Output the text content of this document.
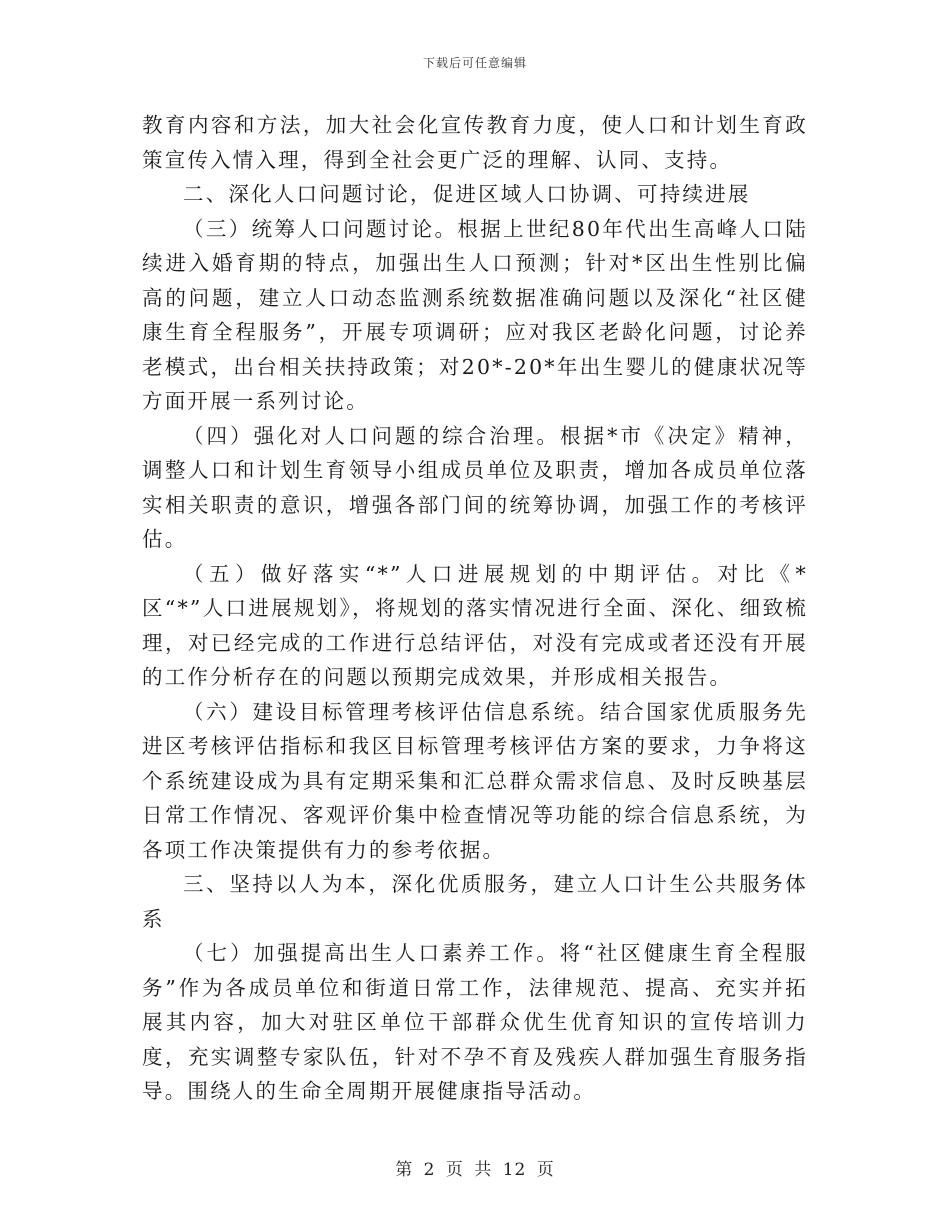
下载后可任意编辑

教育内容和方法，加大社会化宣传教育力度，使人口和计划生育政策宣传入情入理，得到全社会更广泛的理解、认同、支持。

二、深化人口问题讨论，促进区域人口协调、可持续进展

（三）统筹人口问题讨论。根据上世纪80年代出生高峰人口陆续进入婚育期的特点，加强出生人口预测；针对*区出生性别比偏高的问题，建立人口动态监测系统数据准确问题以及深化“社区健康生育全程服务”，开展专项调研；应对我区老龄化问题，讨论养老模式，出台相关扶持政策；对20*-20*年出生婴儿的健康状况等方面开展一系列讨论。

（四）强化对人口问题的综合治理。根据*市《决定》精神，调整人口和计划生育领导小组成员单位及职责，增加各成员单位落实相关职责的意识，增强各部门间的统筹协调，加强工作的考核评估。

（五）做好落实“*”人口进展规划的中期评估。对比《*区“*”人口进展规划》，将规划的落实情况进行全面、深化、细致梳理，对已经完成的工作进行总结评估，对没有完成或者还没有开展的工作分析存在的问题以预期完成效果，并形成相关报告。

（六）建设目标管理考核评估信息系统。结合国家优质服务先进区考核评估指标和我区目标管理考核评估方案的要求，力争将这个系统建设成为具有定期采集和汇总群众需求信息、及时反映基层日常工作情况、客观评价集中检查情况等功能的综合信息系统，为各项工作决策提供有力的参考依据。

三、坚持以人为本，深化优质服务，建立人口计生公共服务体系

（七）加强提高出生人口素养工作。将“社区健康生育全程服务”作为各成员单位和街道日常工作，法律规范、提高、充实并拓展其内容，加大对驻区单位干部群众优生优育知识的宣传培训力度，充实调整专家队伍，针对不孕不育及残疾人群加强生育服务指导。围绕人的生命全周期开展健康指导活动。

第 2 页 共 12 页
